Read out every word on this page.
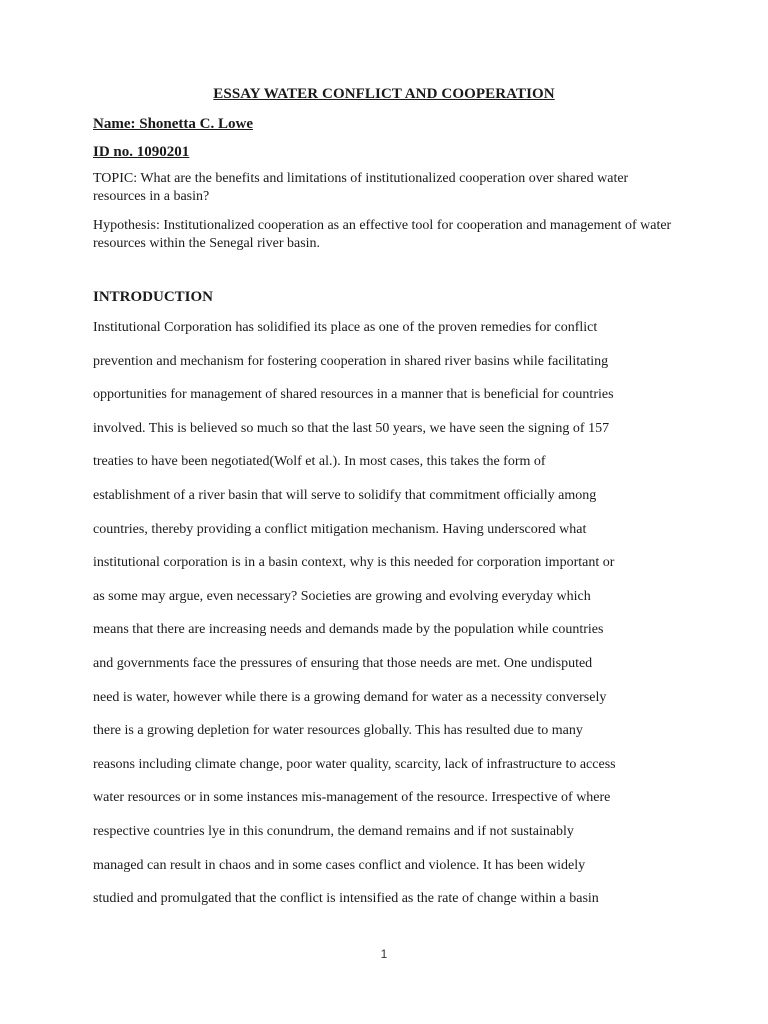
ESSAY WATER CONFLICT AND COOPERATION
Name: Shonetta C. Lowe
ID no. 1090201
TOPIC: What are the benefits and limitations of institutionalized cooperation over shared water resources in a basin?
Hypothesis: Institutionalized cooperation as an effective tool for cooperation and management of water resources within the Senegal river basin.
INTRODUCTION
Institutional Corporation has solidified its place as one of the proven remedies for conflict
prevention and mechanism for fostering cooperation in shared river basins while facilitating
opportunities for management of shared resources in a manner that is beneficial for countries
involved. This is believed so much so that the last 50 years, we have seen the signing of 157
treaties to have been negotiated(Wolf et al.). In most cases, this takes the form of
establishment of a river basin that will serve to solidify that commitment officially among
countries, thereby providing a conflict mitigation mechanism. Having underscored what
institutional corporation is in a basin context, why is this needed for corporation important or
as some may argue, even necessary? Societies are growing and evolving everyday which
means that there are increasing needs and demands made by the population while countries
and governments face the pressures of ensuring that those needs are met. One undisputed
need is water, however while there is a growing demand for water as a necessity conversely
there is a growing depletion for water resources globally. This has resulted due to many
reasons including climate change, poor water quality, scarcity, lack of infrastructure to access
water resources or in some instances mis-management of the resource. Irrespective of where
respective countries lye in this conundrum, the demand remains and if not sustainably
managed can result in chaos and in some cases conflict and violence. It has been widely
studied and promulgated that the conflict is intensified as the rate of change within a basin
1
